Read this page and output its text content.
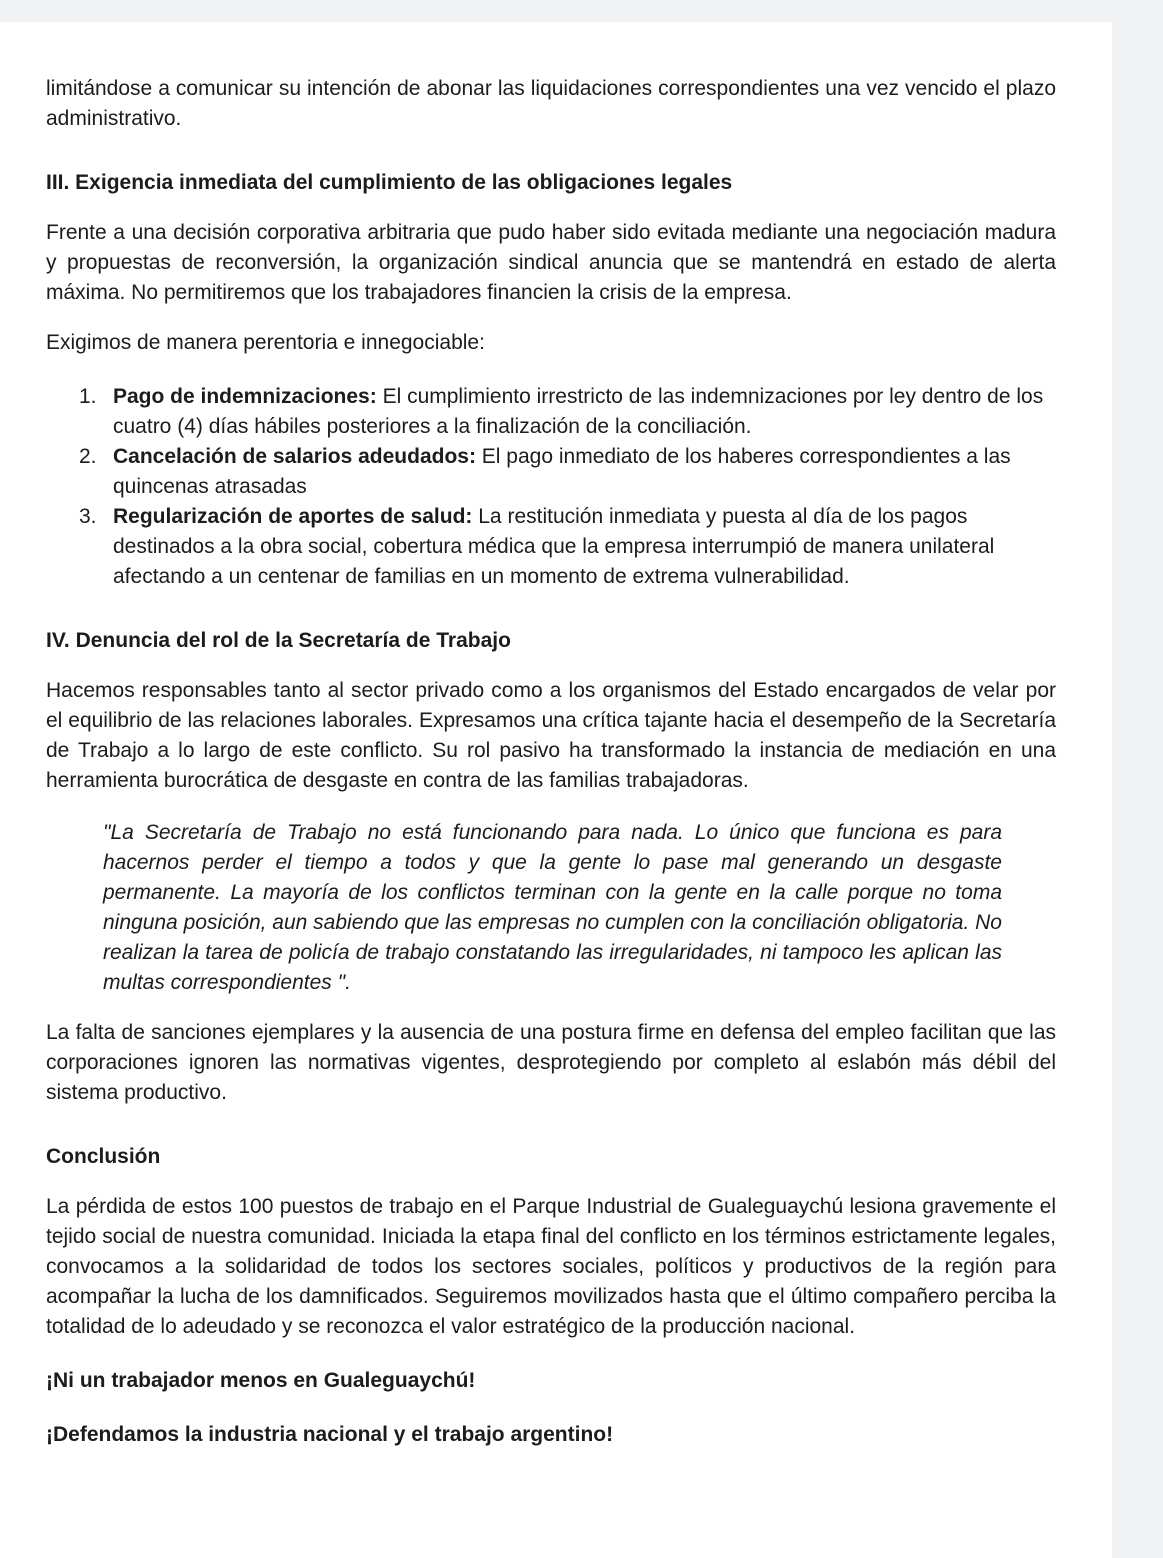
limitándose a comunicar su intención de abonar las liquidaciones correspondientes una vez vencido el plazo administrativo.

III. Exigencia inmediata del cumplimiento de las obligaciones legales

Frente a una decisión corporativa arbitraria que pudo haber sido evitada mediante una negociación madura y propuestas de reconversión, la organización sindical anuncia que se mantendrá en estado de alerta máxima. No permitiremos que los trabajadores financien la crisis de la empresa.

Exigimos de manera perentoria e innegociable:

1. Pago de indemnizaciones: El cumplimiento irrestricto de las indemnizaciones por ley dentro de los cuatro (4) días hábiles posteriores a la finalización de la conciliación.
2. Cancelación de salarios adeudados: El pago inmediato de los haberes correspondientes a las quincenas atrasadas
3. Regularización de aportes de salud: La restitución inmediata y puesta al día de los pagos destinados a la obra social, cobertura médica que la empresa interrumpió de manera unilateral afectando a un centenar de familias en un momento de extrema vulnerabilidad.

IV. Denuncia del rol de la Secretaría de Trabajo

Hacemos responsables tanto al sector privado como a los organismos del Estado encargados de velar por el equilibrio de las relaciones laborales. Expresamos una crítica tajante hacia el desempeño de la Secretaría de Trabajo a lo largo de este conflicto. Su rol pasivo ha transformado la instancia de mediación en una herramienta burocrática de desgaste en contra de las familias trabajadoras.

"La Secretaría de Trabajo no está funcionando para nada. Lo único que funciona es para hacernos perder el tiempo a todos y que la gente lo pase mal generando un desgaste permanente. La mayoría de los conflictos terminan con la gente en la calle porque no toma ninguna posición, aun sabiendo que las empresas no cumplen con la conciliación obligatoria. No realizan la tarea de policía de trabajo constatando las irregularidades, ni tampoco les aplican las multas correspondientes ".

La falta de sanciones ejemplares y la ausencia de una postura firme en defensa del empleo facilitan que las corporaciones ignoren las normativas vigentes, desprotegiendo por completo al eslabón más débil del sistema productivo.

Conclusión

La pérdida de estos 100 puestos de trabajo en el Parque Industrial de Gualeguaychú lesiona gravemente el tejido social de nuestra comunidad. Iniciada la etapa final del conflicto en los términos estrictamente legales, convocamos a la solidaridad de todos los sectores sociales, políticos y productivos de la región para acompañar la lucha de los damnificados. Seguiremos movilizados hasta que el último compañero perciba la totalidad de lo adeudado y se reconozca el valor estratégico de la producción nacional.

¡Ni un trabajador menos en Gualeguaychú!

¡Defendamos la industria nacional y el trabajo argentino!
